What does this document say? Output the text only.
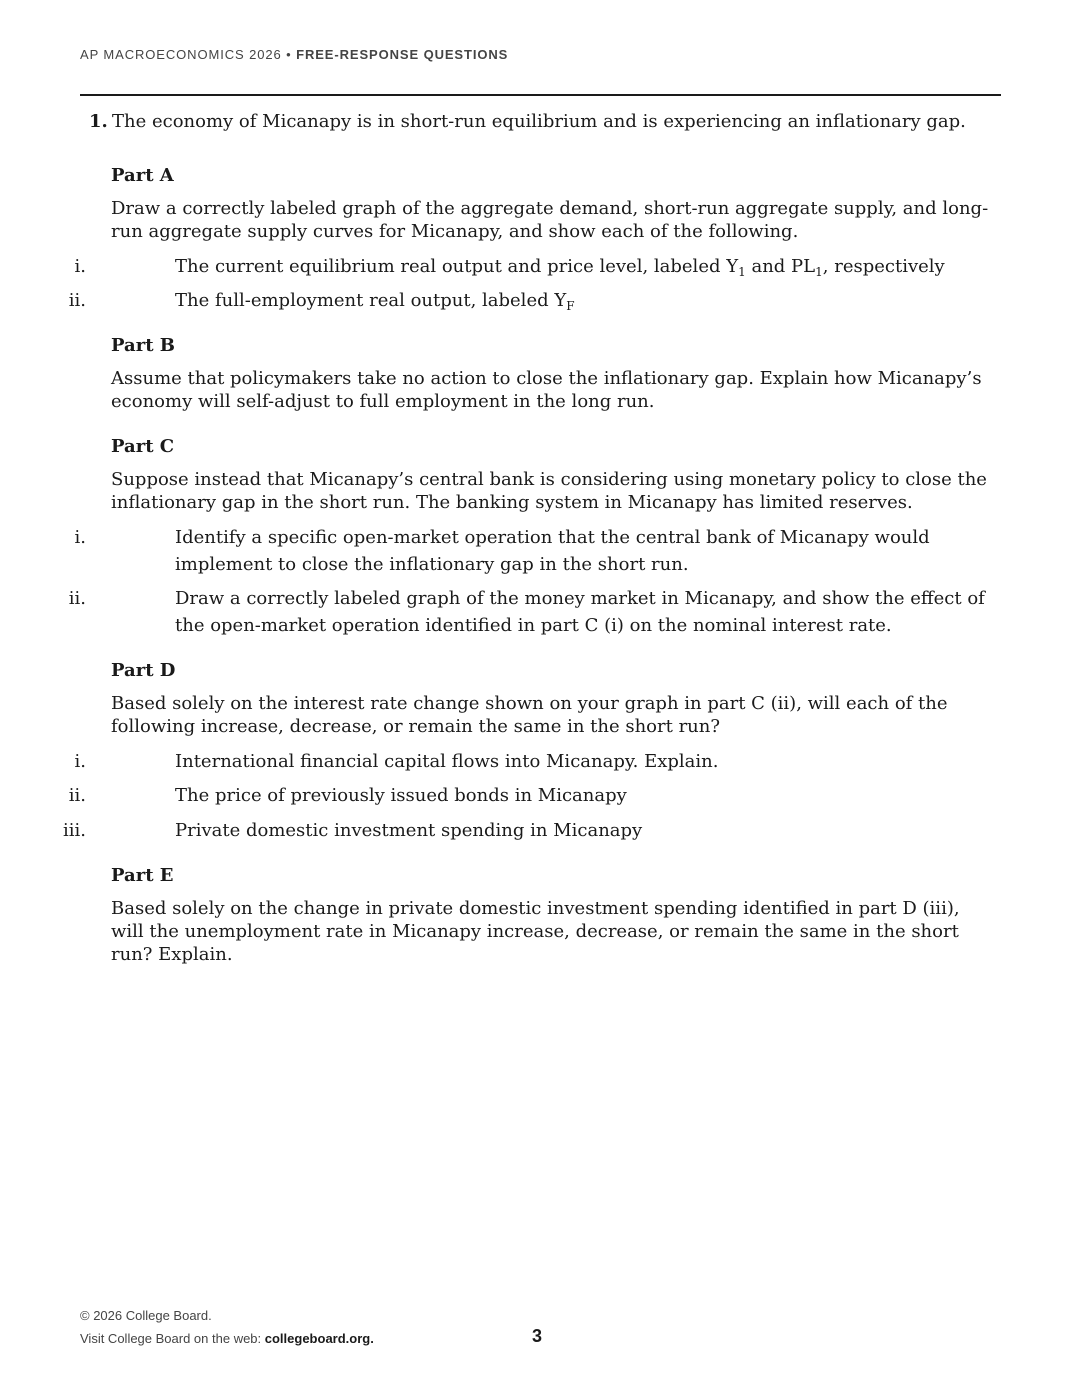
AP MACROECONOMICS 2026 • FREE-RESPONSE QUESTIONS
1. The economy of Micanapy is in short-run equilibrium and is experiencing an inflationary gap.
Part A
Draw a correctly labeled graph of the aggregate demand, short-run aggregate supply, and long-run aggregate supply curves for Micanapy, and show each of the following.
i.	The current equilibrium real output and price level, labeled $Y_1$ and $PL_1$, respectively
ii.	The full-employment real output, labeled $Y_F$
Part B
Assume that policymakers take no action to close the inflationary gap. Explain how Micanapy’s economy will self-adjust to full employment in the long run.
Part C
Suppose instead that Micanapy’s central bank is considering using monetary policy to close the inflationary gap in the short run. The banking system in Micanapy has limited reserves.
i.	Identify a specific open-market operation that the central bank of Micanapy would implement to close the inflationary gap in the short run.
ii.	Draw a correctly labeled graph of the money market in Micanapy, and show the effect of the open-market operation identified in part C (i) on the nominal interest rate.
Part D
Based solely on the interest rate change shown on your graph in part C (ii), will each of the following increase, decrease, or remain the same in the short run?
i.	International financial capital flows into Micanapy. Explain.
ii.	The price of previously issued bonds in Micanapy
iii.	Private domestic investment spending in Micanapy
Part E
Based solely on the change in private domestic investment spending identified in part D (iii), will the unemployment rate in Micanapy increase, decrease, or remain the same in the short run? Explain.
© 2026 College Board.
Visit College Board on the web: collegeboard.org.	3
